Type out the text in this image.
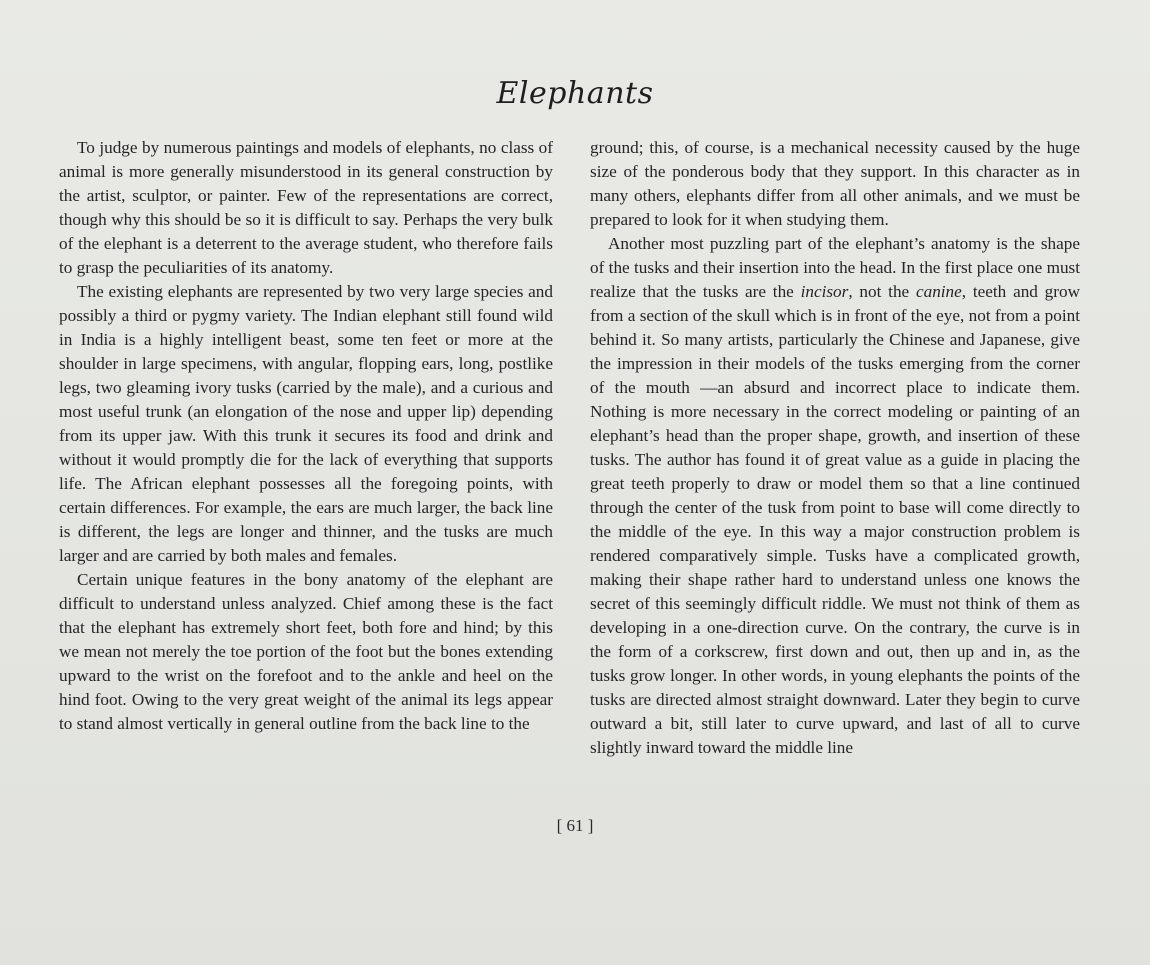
Elephants

To judge by numerous paintings and models of elephants, no class of animal is more generally misunderstood in its general construction by the artist, sculptor, or painter. Few of the representations are correct, though why this should be so it is difficult to say. Perhaps the very bulk of the elephant is a deterrent to the average student, who therefore fails to grasp the peculiarities of its anatomy.

The existing elephants are represented by two very large species and possibly a third or pygmy variety. The Indian elephant still found wild in India is a highly intelligent beast, some ten feet or more at the shoulder in large specimens, with angular, flopping ears, long, postlike legs, two gleaming ivory tusks (carried by the male), and a curious and most useful trunk (an elongation of the nose and upper lip) depending from its upper jaw. With this trunk it secures its food and drink and without it would promptly die for the lack of everything that supports life. The African elephant possesses all the foregoing points, with certain differences. For example, the ears are much larger, the back line is different, the legs are longer and thinner, and the tusks are much larger and are carried by both males and females.

Certain unique features in the bony anatomy of the elephant are difficult to understand unless analyzed. Chief among these is the fact that the elephant has extremely short feet, both fore and hind; by this we mean not merely the toe portion of the foot but the bones extending upward to the wrist on the forefoot and to the ankle and heel on the hind foot. Owing to the very great weight of the animal its legs appear to stand almost vertically in general outline from the back line to the

ground; this, of course, is a mechanical necessity caused by the huge size of the ponderous body that they support. In this character as in many others, elephants differ from all other animals, and we must be prepared to look for it when studying them.

Another most puzzling part of the elephant’s anatomy is the shape of the tusks and their insertion into the head. In the first place one must realize that the tusks are the incisor, not the canine, teeth and grow from a section of the skull which is in front of the eye, not from a point behind it. So many artists, particularly the Chinese and Japanese, give the impression in their models of the tusks emerging from the corner of the mouth —an absurd and incorrect place to indicate them. Nothing is more necessary in the correct modeling or painting of an elephant’s head than the proper shape, growth, and insertion of these tusks. The author has found it of great value as a guide in placing the great teeth properly to draw or model them so that a line continued through the center of the tusk from point to base will come directly to the middle of the eye. In this way a major construction problem is rendered comparatively simple. Tusks have a complicated growth, making their shape rather hard to understand unless one knows the secret of this seemingly difficult riddle. We must not think of them as developing in a one-direction curve. On the contrary, the curve is in the form of a corkscrew, first down and out, then up and in, as the tusks grow longer. In other words, in young elephants the points of the tusks are directed almost straight downward. Later they begin to curve outward a bit, still later to curve upward, and last of all to curve slightly inward toward the middle line

[ 61 ]
